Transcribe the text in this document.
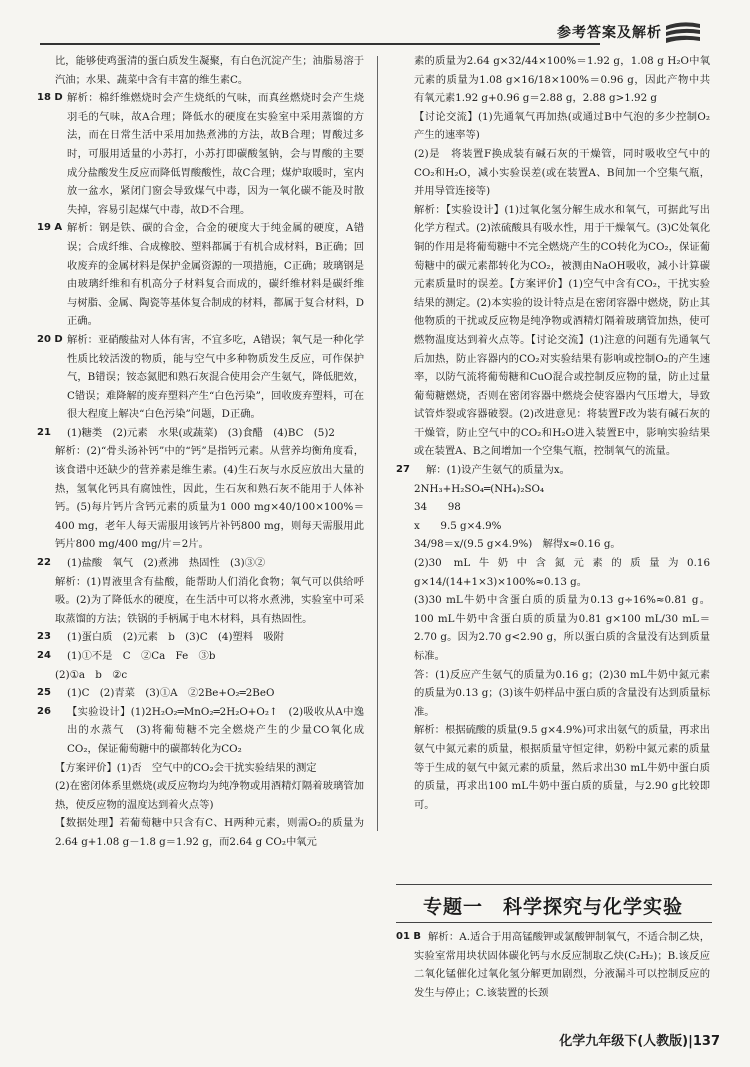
参考答案及解析
比，能够使鸡蛋清的蛋白质发生凝聚，有白色沉淀产生；油脂易溶于汽油；水果、蔬菜中含有丰富的维生素C。
18 D 解析：棉纤维燃烧时会产生烧纸的气味，而真丝燃烧时会产生烧羽毛的气味，故A合理；降低水的硬度在实验室中采用蒸馏的方法，而在日常生活中采用加热煮沸的方法，故B合理；胃酸过多时，可服用适量的小苏打，小苏打即碳酸氢钠，会与胃酸的主要成分盐酸发生反应而降低胃酸酸性，故C合理；煤炉取暖时，室内放一盆水，紧闭门窗会导致煤气中毒，因为一氧化碳不能及时散失掉，容易引起煤气中毒，故D不合理。
19 A 解析：钢是铁、碳的合金，合金的硬度大于纯金属的硬度，A错误；合成纤维、合成橡胶、塑料都属于有机合成材料，B正确；回收废弃的金属材料是保护金属资源的一项措施，C正确；玻璃钢是由玻璃纤维和有机高分子材料复合而成的，碳纤维材料是碳纤维与树脂、金属、陶瓷等基体复合制成的材料，都属于复合材料，D正确。
20 D 解析：亚硝酸盐对人体有害，不宜多吃，A错误；氧气是一种化学性质比较活泼的物质，能与空气中多种物质发生反应，可作保护气，B错误；铵态氮肥和熟石灰混合使用会产生氨气，降低肥效，C错误；难降解的废弃塑料产生“白色污染”，回收废弃塑料，可在很大程度上解决“白色污染”问题，D正确。
21 (1)糖类　(2)元素　水果(或蔬菜)　(3)食醋　(4)BC　(5)2
解析：(2)“骨头汤补钙”中的“钙”是指钙元素。从营养均衡角度看，该食谱中还缺少的营养素是维生素。(4)生石灰与水反应放出大量的热，氢氧化钙具有腐蚀性，因此，生石灰和熟石灰不能用于人体补钙。(5)每片钙片含钙元素的质量为1 000 mg×40/100×100%＝400 mg，老年人每天需服用该钙片补钙800 mg，则每天需服用此钙片800 mg/400 mg/片＝2片。
22 (1)盐酸　氧气　(2)煮沸　热固性　(3)③②
解析：(1)胃液里含有盐酸，能帮助人们消化食物；氧气可以供给呼吸。(2)为了降低水的硬度，在生活中可以将水煮沸，实验室中可采取蒸馏的方法；铁锅的手柄属于电木材料，具有热固性。
23 (1)蛋白质　(2)元素　b　(3)C　(4)塑料　吸附
24 (1)①不是　C　②Ca　Fe　③b
(2)①a　b　②c
25 (1)C　(2)青菜　(3)①A　②2Be+O₂═2BeO
26 【实验设计】(1)2H₂O₂═MnO₂═2H₂O+O₂↑　(2)吸收从A中逸出的水蒸气　(3)将葡萄糖不完全燃烧产生的少量CO氧化成CO₂，保证葡萄糖中的碳都转化为CO₂
【方案评价】(1)否　空气中的CO₂会干扰实验结果的测定
(2)在密闭体系里燃烧(或反应物均为纯净物或用酒精灯隔着玻璃管加热，使反应物的温度达到着火点等)
【数据处理】若葡萄糖中只含有C、H两种元素，则需O₂的质量为2.64 g+1.08 g－1.8 g＝1.92 g，而2.64 g CO₂中氧元
素的质量为2.64 g×32/44×100%＝1.92 g，1.08 g H₂O中氧元素的质量为1.08 g×16/18×100%＝0.96 g，因此产物中共有氧元素1.92 g+0.96 g＝2.88 g，2.88 g>1.92 g
【讨论交流】(1)先通氧气再加热(或通过B中气泡的多少控制O₂产生的速率等)
(2)是　将装置F换成装有碱石灰的干燥管，同时吸收空气中的CO₂和H₂O，减小实验误差(或在装置A、B间加一个空集气瓶，并用导管连接等)
解析：【实验设计】(1)过氧化氢分解生成水和氧气，可据此写出化学方程式。(2)浓硫酸具有吸水性，用于干燥氧气。(3)C处氧化铜的作用是将葡萄糖中不完全燃烧产生的CO转化为CO₂，保证葡萄糖中的碳元素都转化为CO₂，被测由NaOH吸收，减小计算碳元素质量时的误差。【方案评价】(1)空气中含有CO₂，干扰实验结果的测定。(2)本实验的设计特点是在密闭容器中燃烧，防止其他物质的干扰或反应物是纯净物或酒精灯隔着玻璃管加热，使可燃物温度达到着火点等。【讨论交流】(1)注意的问题有先通氧气后加热，防止容器内的CO₂对实验结果有影响或控制O₂的产生速率，以防气流将葡萄糖和CuO混合或控制反应物的量，防止过量葡萄糖燃烧，否则在密闭容器中燃烧会使容器内气压增大，导致试管炸裂或容器破裂。(2)改进意见：将装置F改为装有碱石灰的干燥管，防止空气中的CO₂和H₂O进入装置E中，影响实验结果或在装置A、B之间增加一个空集气瓶，控制氧气的流量。
27 解：(1)设产生氨气的质量为x。
2NH₃+H₂SO₄═(NH₄)₂SO₄
34　　98
x　　9.5 g×4.9%
34/98＝x/(9.5 g×4.9%)　解得x≈0.16 g。
(2)30 mL牛奶中含氮元素的质量为0.16 g×14/(14+1×3)×100%≈0.13 g。
(3)30 mL牛奶中含蛋白质的质量为0.13 g÷16%≈0.81 g。100 mL牛奶中含蛋白质的质量为0.81 g×100 mL/30 mL＝2.70 g。因为2.70 g<2.90 g，所以蛋白质的含量没有达到质量标准。
答：(1)反应产生氨气的质量为0.16 g；(2)30 mL牛奶中氮元素的质量为0.13 g；(3)该牛奶样品中蛋白质的含量没有达到质量标准。
解析：根据硫酸的质量(9.5 g×4.9%)可求出氨气的质量，再求出氨气中氮元素的质量，根据质量守恒定律，奶粉中氮元素的质量等于生成的氨气中氮元素的质量，然后求出30 mL牛奶中蛋白质的质量，再求出100 mL牛奶中蛋白质的质量，与2.90 g比较即可。
专题一　科学探究与化学实验
01 B 解析：A.适合于用高锰酸钾或氯酸钾制氧气，不适合制乙炔，实验室常用块状固体碳化钙与水反应制取乙炔(C₂H₂)；B.该反应二氧化锰催化过氧化氢分解更加剧烈，分液漏斗可以控制反应的发生与停止；C.该装置的长颈
化学九年级下(人教版)|137
